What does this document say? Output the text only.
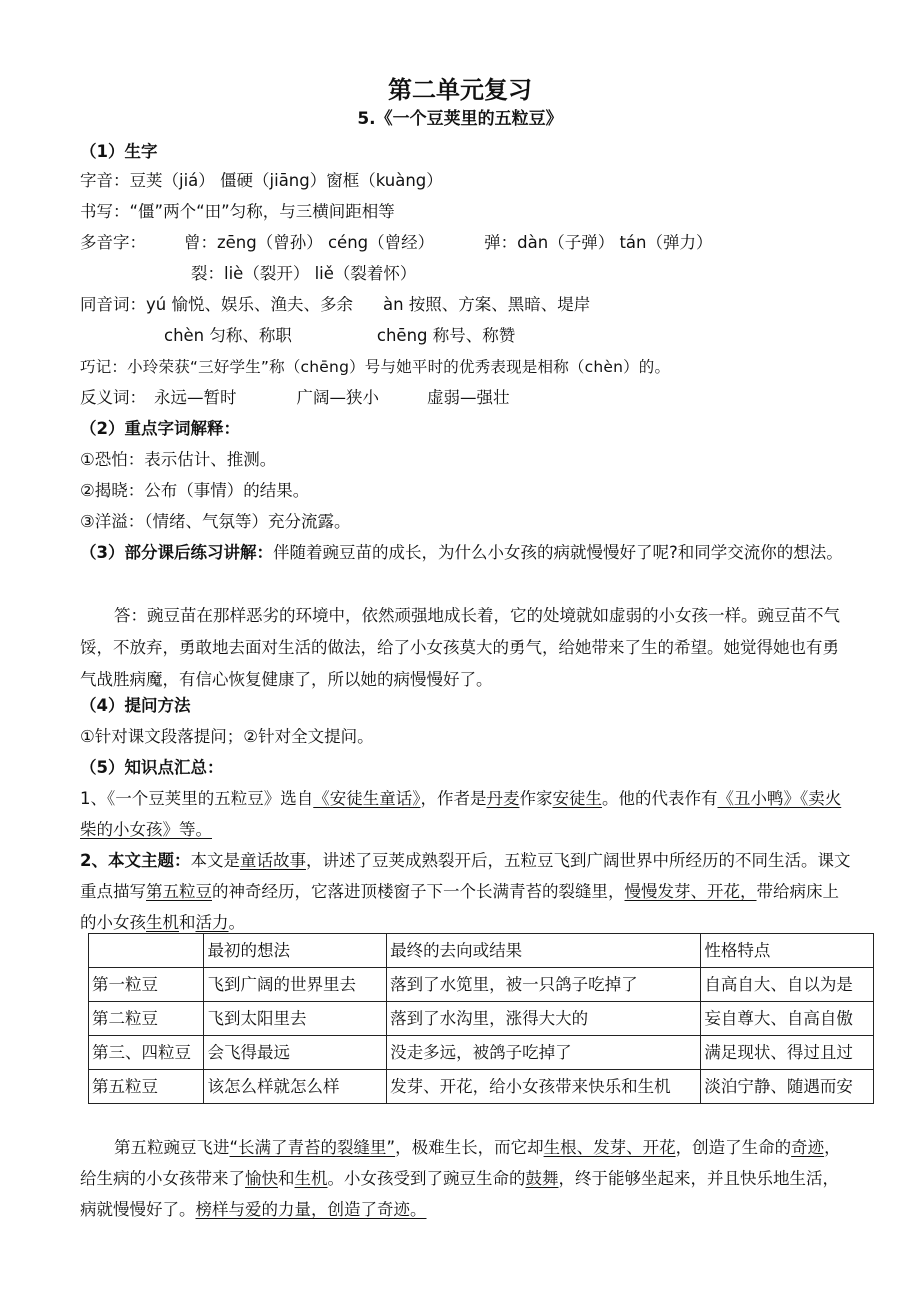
第二单元复习
5.《一个豆荚里的五粒豆》
（1）生字
字音：豆荚（jiá） 僵硬（jiāng）窗框（kuàng）
书写：“僵”两个“田”匀称，与三横间距相等
多音字： 曾：zēng（曾孙） céng（曾经）	弹：dàn（子弹） tán（弹力）
裂：liè（裂开） liě（裂着怀）
同音词：yú 愉悦、娱乐、渔夫、多余 àn 按照、方案、黑暗、堤岸
chèn 匀称、称职	chēng 称号、称赞
巧记：小玲荣获“三好学生”称（chēng）号与她平时的优秀表现是相称（chèn）的。
反义词： 永远—暂时	广阔—狭小	虚弱—强壮
（2）重点字词解释：
①恐怕：表示估计、推测。
②揭晓：公布（事情）的结果。
③洋溢：（情绪、气氛等）充分流露。
（3）部分课后练习讲解：伴随着豌豆苗的成长，为什么小女孩的病就慢慢好了呢?和同学交流你的想法。
答：豌豆苗在那样恶劣的环境中，依然顽强地成长着，它的处境就如虚弱的小女孩一样。豌豆苗不气馁，不放弃，勇敢地去面对生活的做法，给了小女孩莫大的勇气，给她带来了生的希望。她觉得她也有勇气战胜病魔，有信心恢复健康了，所以她的病慢慢好了。
（4）提问方法
①针对课文段落提问；②针对全文提问。
（5）知识点汇总：
1、《一个豆荚里的五粒豆》选自《安徒生童话》，作者是丹麦作家安徒生。他的代表作有《丑小鸭》《卖火柴的小女孩》等。
2、本文主题：本文是童话故事，讲述了豆荚成熟裂开后，五粒豆飞到广阔世界中所经历的不同生活。课文重点描写第五粒豆的神奇经历，它落进顶楼窗子下一个长满青苔的裂缝里，慢慢发芽、开花，带给病床上的小女孩生机和活力。
	最初的想法	最终的去向或结果	性格特点
第一粒豆	飞到广阔的世界里去	落到了水笕里，被一只鸽子吃掉了	自高自大、自以为是
第二粒豆	飞到太阳里去	落到了水沟里，涨得大大的	妄自尊大、自高自傲
第三、四粒豆	会飞得最远	没走多远，被鸽子吃掉了	满足现状、得过且过
第五粒豆	该怎么样就怎么样	发芽、开花，给小女孩带来快乐和生机	淡泊宁静、随遇而安
第五粒豌豆飞进“长满了青苔的裂缝里”，极难生长，而它却生根、发芽、开花，创造了生命的奇迹，给生病的小女孩带来了愉快和生机。小女孩受到了豌豆生命的鼓舞，终于能够坐起来，并且快乐地生活，病就慢慢好了。榜样与爱的力量，创造了奇迹。
